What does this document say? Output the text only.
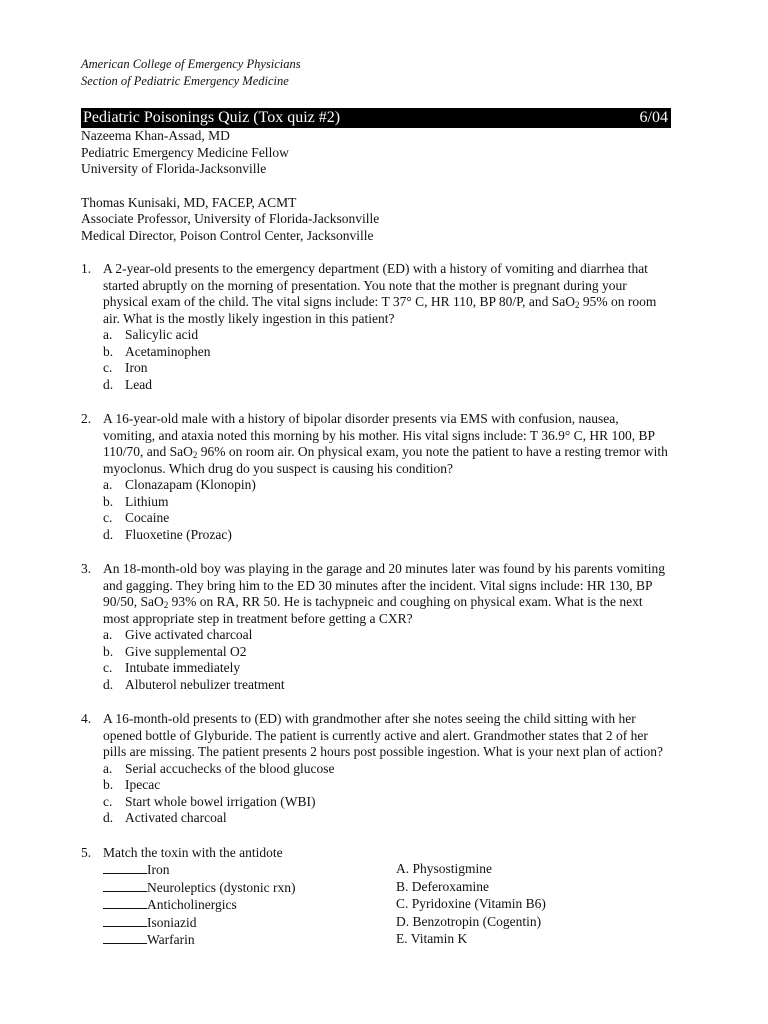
American College of Emergency Physicians
Section of Pediatric Emergency Medicine
Pediatric Poisonings Quiz (Tox quiz #2)	6/04
Nazeema Khan-Assad, MD
Pediatric Emergency Medicine Fellow
University of Florida-Jacksonville
Thomas Kunisaki, MD, FACEP, ACMT
Associate Professor, University of Florida-Jacksonville
Medical Director, Poison Control Center, Jacksonville
1. A 2-year-old presents to the emergency department (ED) with a history of vomiting and diarrhea that started abruptly on the morning of presentation. You note that the mother is pregnant during your physical exam of the child. The vital signs include: T 37° C, HR 110, BP 80/P, and SaO$_2$ 95% on room air. What is the mostly likely ingestion in this patient?
a. Salicylic acid
b. Acetaminophen
c. Iron
d. Lead
2. A 16-year-old male with a history of bipolar disorder presents via EMS with confusion, nausea, vomiting, and ataxia noted this morning by his mother. His vital signs include: T 36.9° C, HR 100, BP 110/70, and SaO$_2$ 96% on room air. On physical exam, you note the patient to have a resting tremor with myoclonus. Which drug do you suspect is causing his condition?
a. Clonazapam (Klonopin)
b. Lithium
c. Cocaine
d. Fluoxetine (Prozac)
3. An 18-month-old boy was playing in the garage and 20 minutes later was found by his parents vomiting and gagging. They bring him to the ED 30 minutes after the incident. Vital signs include: HR 130, BP 90/50, SaO$_2$ 93% on RA, RR 50. He is tachypneic and coughing on physical exam. What is the next most appropriate step in treatment before getting a CXR?
a. Give activated charcoal
b. Give supplemental O2
c. Intubate immediately
d. Albuterol nebulizer treatment
4. A 16-month-old presents to (ED) with grandmother after she notes seeing the child sitting with her opened bottle of Glyburide. The patient is currently active and alert. Grandmother states that 2 of her pills are missing. The patient presents 2 hours post possible ingestion. What is your next plan of action?
a. Serial accuchecks of the blood glucose
b. Ipecac
c. Start whole bowel irrigation (WBI)
d. Activated charcoal
5. Match the toxin with the antidote
Iron	A. Physostigmine
Neuroleptics (dystonic rxn)	B. Deferoxamine
Anticholinergics	C. Pyridoxine (Vitamin B6)
Isoniazid	D. Benzotropin (Cogentin)
Warfarin	E. Vitamin K
